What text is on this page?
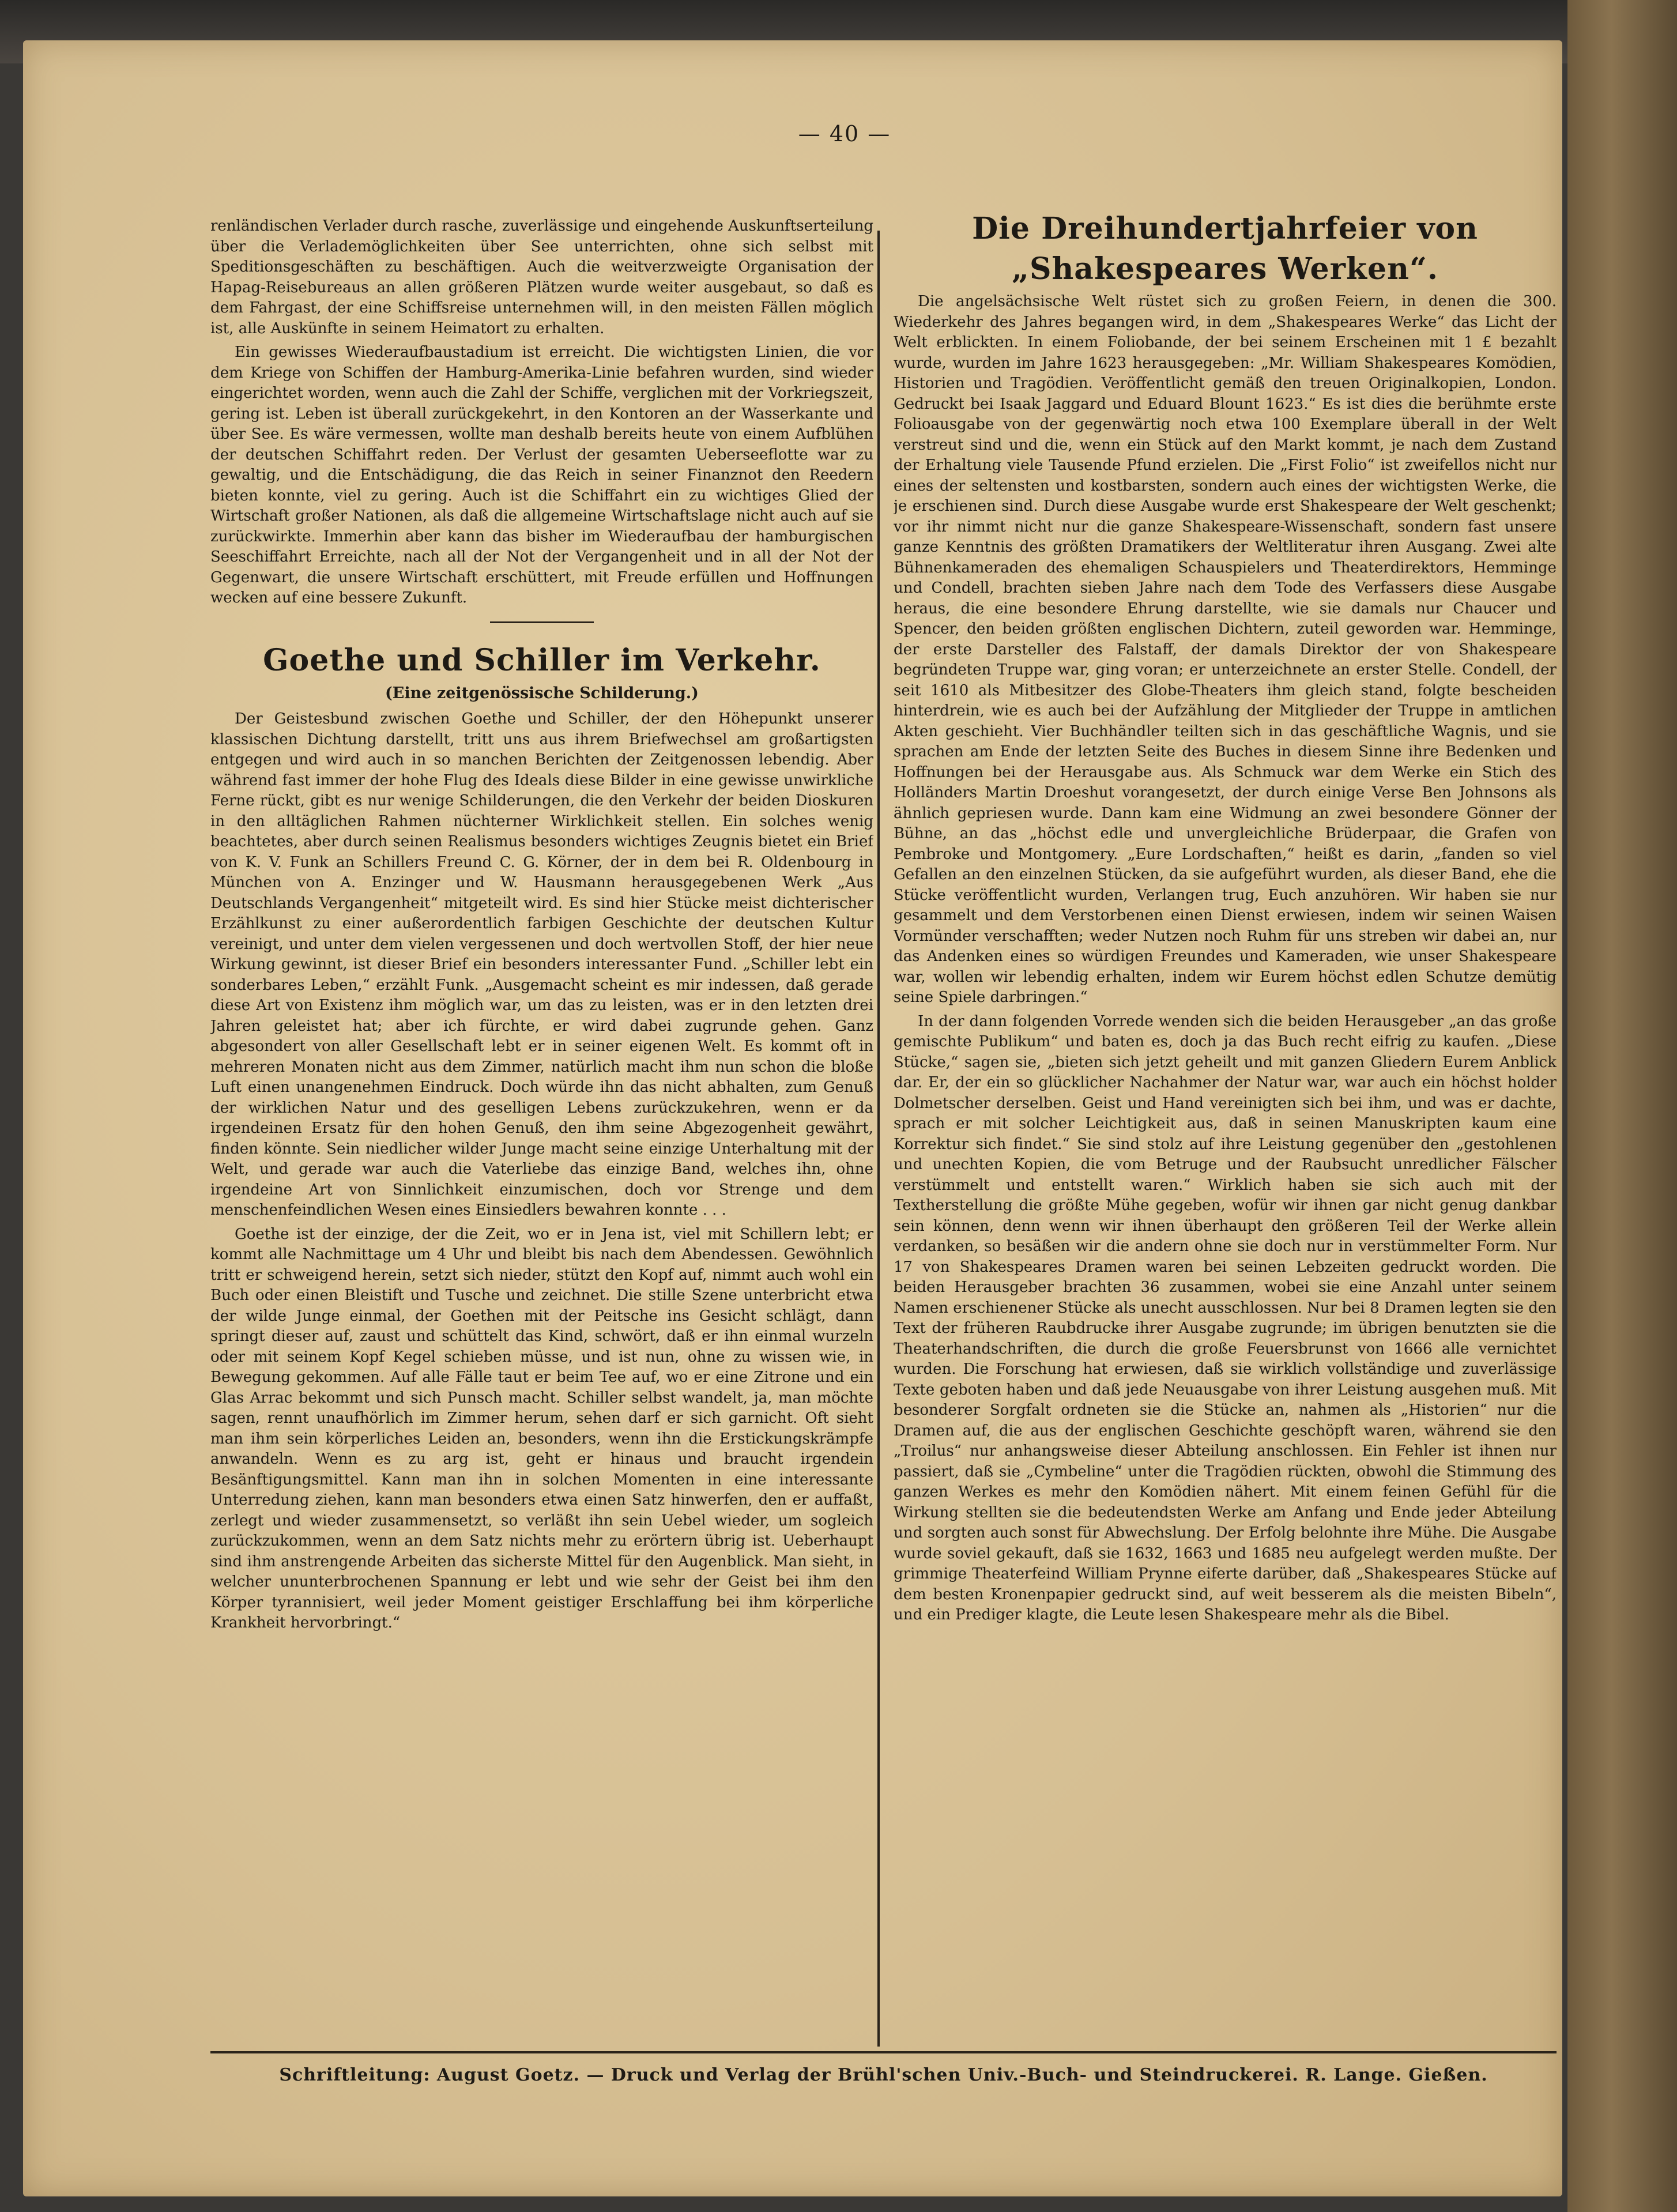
— 40 —

renländischen Verlader durch rasche, zuverlässige und eingehende Auskunftserteilung über die Verlademöglichkeiten über See unterrichten, ohne sich selbst mit Speditionsgeschäften zu beschäftigen. Auch die weitverzweigte Organisation der Hapag-Reisebureaus an allen größeren Plätzen wurde weiter ausgebaut, so daß es dem Fahrgast, der eine Schiffsreise unternehmen will, in den meisten Fällen möglich ist, alle Auskünfte in seinem Heimatort zu erhalten.

Ein gewisses Wiederaufbaustadium ist erreicht. Die wichtigsten Linien, die vor dem Kriege von Schiffen der Hamburg-Amerika-Linie befahren wurden, sind wieder eingerichtet worden, wenn auch die Zahl der Schiffe, verglichen mit der Vorkriegszeit, gering ist. Leben ist überall zurückgekehrt, in den Kontoren an der Wasserkante und über See. Es wäre vermessen, wollte man deshalb bereits heute von einem Aufblühen der deutschen Schiffahrt reden. Der Verlust der gesamten Ueberseeflotte war zu gewaltig, und die Entschädigung, die das Reich in seiner Finanznot den Reedern bieten konnte, viel zu gering. Auch ist die Schiffahrt ein zu wichtiges Glied der Wirtschaft großer Nationen, als daß die allgemeine Wirtschaftslage nicht auch auf sie zurückwirkte. Immerhin aber kann das bisher im Wiederaufbau der hamburgischen Seeschiffahrt Erreichte, nach all der Not der Vergangenheit und in all der Not der Gegenwart, die unsere Wirtschaft erschüttert, mit Freude erfüllen und Hoffnungen wecken auf eine bessere Zukunft.

Goethe und Schiller im Verkehr.
(Eine zeitgenössische Schilderung.)

Der Geistesbund zwischen Goethe und Schiller, der den Höhepunkt unserer klassischen Dichtung darstellt, tritt uns aus ihrem Briefwechsel am großartigsten entgegen und wird auch in so manchen Berichten der Zeitgenossen lebendig. Aber während fast immer der hohe Flug des Ideals diese Bilder in eine gewisse unwirkliche Ferne rückt, gibt es nur wenige Schilderungen, die den Verkehr der beiden Dioskuren in den alltäglichen Rahmen nüchterner Wirklichkeit stellen. Ein solches wenig beachtetes, aber durch seinen Realismus besonders wichtiges Zeugnis bietet ein Brief von K. V. Funk an Schillers Freund C. G. Körner, der in dem bei R. Oldenbourg in München von A. Enzinger und W. Hausmann herausgegebenen Werk „Aus Deutschlands Vergangenheit“ mitgeteilt wird. Es sind hier Stücke meist dichterischer Erzählkunst zu einer außerordentlich farbigen Geschichte der deutschen Kultur vereinigt, und unter dem vielen vergessenen und doch wertvollen Stoff, der hier neue Wirkung gewinnt, ist dieser Brief ein besonders interessanter Fund. „Schiller lebt ein sonderbares Leben,“ erzählt Funk. „Ausgemacht scheint es mir indessen, daß gerade diese Art von Existenz ihm möglich war, um das zu leisten, was er in den letzten drei Jahren geleistet hat; aber ich fürchte, er wird dabei zugrunde gehen. Ganz abgesondert von aller Gesellschaft lebt er in seiner eigenen Welt. Es kommt oft in mehreren Monaten nicht aus dem Zimmer, natürlich macht ihm nun schon die bloße Luft einen unangenehmen Eindruck. Doch würde ihn das nicht abhalten, zum Genuß der wirklichen Natur und des geselligen Lebens zurückzukehren, wenn er da irgendeinen Ersatz für den hohen Genuß, den ihm seine Abgezogenheit gewährt, finden könnte. Sein niedlicher wilder Junge macht seine einzige Unterhaltung mit der Welt, und gerade war auch die Vaterliebe das einzige Band, welches ihn, ohne irgendeine Art von Sinnlichkeit einzumischen, doch vor Strenge und dem menschenfeindlichen Wesen eines Einsiedlers bewahren konnte . . .

Goethe ist der einzige, der die Zeit, wo er in Jena ist, viel mit Schillern lebt; er kommt alle Nachmittage um 4 Uhr und bleibt bis nach dem Abendessen. Gewöhnlich tritt er schweigend herein, setzt sich nieder, stützt den Kopf auf, nimmt auch wohl ein Buch oder einen Bleistift und Tusche und zeichnet. Die stille Szene unterbricht etwa der wilde Junge einmal, der Goethen mit der Peitsche ins Gesicht schlägt, dann springt dieser auf, zaust und schüttelt das Kind, schwört, daß er ihn einmal wurzeln oder mit seinem Kopf Kegel schieben müsse, und ist nun, ohne zu wissen wie, in Bewegung gekommen. Auf alle Fälle taut er beim Tee auf, wo er eine Zitrone und ein Glas Arrac bekommt und sich Punsch macht. Schiller selbst wandelt, ja, man möchte sagen, rennt unaufhörlich im Zimmer herum, sehen darf er sich garnicht. Oft sieht man ihm sein körperliches Leiden an, besonders, wenn ihn die Erstickungskrämpfe anwandeln. Wenn es zu arg ist, geht er hinaus und braucht irgendein Besänftigungsmittel. Kann man ihn in solchen Momenten in eine interessante Unterredung ziehen, kann man besonders etwa einen Satz hinwerfen, den er auffaßt, zerlegt und wieder zusammensetzt, so verläßt ihn sein Uebel wieder, um sogleich zurückzukommen, wenn an dem Satz nichts mehr zu erörtern übrig ist. Ueberhaupt sind ihm anstrengende Arbeiten das sicherste Mittel für den Augenblick. Man sieht, in welcher ununterbrochenen Spannung er lebt und wie sehr der Geist bei ihm den Körper tyrannisiert, weil jeder Moment geistiger Erschlaffung bei ihm körperliche Krankheit hervorbringt.“

Die Dreihundertjahrfeier von
„Shakespeares Werken“.

Die angelsächsische Welt rüstet sich zu großen Feiern, in denen die 300. Wiederkehr des Jahres begangen wird, in dem „Shakespeares Werke“ das Licht der Welt erblickten. In einem Foliobande, der bei seinem Erscheinen mit 1 £ bezahlt wurde, wurden im Jahre 1623 herausgegeben: „Mr. William Shakespeares Komödien, Historien und Tragödien. Veröffentlicht gemäß den treuen Originalkopien, London. Gedruckt bei Isaak Jaggard und Eduard Blount 1623.“ Es ist dies die berühmte erste Folioausgabe von der gegenwärtig noch etwa 100 Exemplare überall in der Welt verstreut sind und die, wenn ein Stück auf den Markt kommt, je nach dem Zustand der Erhaltung viele Tausende Pfund erzielen. Die „First Folio“ ist zweifellos nicht nur eines der seltensten und kostbarsten, sondern auch eines der wichtigsten Werke, die je erschienen sind. Durch diese Ausgabe wurde erst Shakespeare der Welt geschenkt; vor ihr nimmt nicht nur die ganze Shakespeare-Wissenschaft, sondern fast unsere ganze Kenntnis des größten Dramatikers der Weltliteratur ihren Ausgang. Zwei alte Bühnenkameraden des ehemaligen Schauspielers und Theaterdirektors, Hemminge und Condell, brachten sieben Jahre nach dem Tode des Verfassers diese Ausgabe heraus, die eine besondere Ehrung darstellte, wie sie damals nur Chaucer und Spencer, den beiden größten englischen Dichtern, zuteil geworden war. Hemminge, der erste Darsteller des Falstaff, der damals Direktor der von Shakespeare begründeten Truppe war, ging voran; er unterzeichnete an erster Stelle. Condell, der seit 1610 als Mitbesitzer des Globe-Theaters ihm gleich stand, folgte bescheiden hinterdrein, wie es auch bei der Aufzählung der Mitglieder der Truppe in amtlichen Akten geschieht. Vier Buchhändler teilten sich in das geschäftliche Wagnis, und sie sprachen am Ende der letzten Seite des Buches in diesem Sinne ihre Bedenken und Hoffnungen bei der Herausgabe aus. Als Schmuck war dem Werke ein Stich des Holländers Martin Droeshut vorangesetzt, der durch einige Verse Ben Johnsons als ähnlich gepriesen wurde. Dann kam eine Widmung an zwei besondere Gönner der Bühne, an das „höchst edle und unvergleichliche Brüderpaar, die Grafen von Pembroke und Montgomery. „Eure Lordschaften,“ heißt es darin, „fanden so viel Gefallen an den einzelnen Stücken, da sie aufgeführt wurden, als dieser Band, ehe die Stücke veröffentlicht wurden, Verlangen trug, Euch anzuhören. Wir haben sie nur gesammelt und dem Verstorbenen einen Dienst erwiesen, indem wir seinen Waisen Vormünder verschafften; weder Nutzen noch Ruhm für uns streben wir dabei an, nur das Andenken eines so würdigen Freundes und Kameraden, wie unser Shakespeare war, wollen wir lebendig erhalten, indem wir Eurem höchst edlen Schutze demütig seine Spiele darbringen.“

In der dann folgenden Vorrede wenden sich die beiden Herausgeber „an das große gemischte Publikum“ und baten es, doch ja das Buch recht eifrig zu kaufen. „Diese Stücke,“ sagen sie, „bieten sich jetzt geheilt und mit ganzen Gliedern Eurem Anblick dar. Er, der ein so glücklicher Nachahmer der Natur war, war auch ein höchst holder Dolmetscher derselben. Geist und Hand vereinigten sich bei ihm, und was er dachte, sprach er mit solcher Leichtigkeit aus, daß in seinen Manuskripten kaum eine Korrektur sich findet.“ Sie sind stolz auf ihre Leistung gegenüber den „gestohlenen und unechten Kopien, die vom Betruge und der Raubsucht unredlicher Fälscher verstümmelt und entstellt waren.“ Wirklich haben sie sich auch mit der Textherstellung die größte Mühe gegeben, wofür wir ihnen gar nicht genug dankbar sein können, denn wenn wir ihnen überhaupt den größeren Teil der Werke allein verdanken, so besäßen wir die andern ohne sie doch nur in verstümmelter Form. Nur 17 von Shakespeares Dramen waren bei seinen Lebzeiten gedruckt worden. Die beiden Herausgeber brachten 36 zusammen, wobei sie eine Anzahl unter seinem Namen erschienener Stücke als unecht ausschlossen. Nur bei 8 Dramen legten sie den Text der früheren Raubdrucke ihrer Ausgabe zugrunde; im übrigen benutzten sie die Theaterhandschriften, die durch die große Feuersbrunst von 1666 alle vernichtet wurden. Die Forschung hat erwiesen, daß sie wirklich vollständige und zuverlässige Texte geboten haben und daß jede Neuausgabe von ihrer Leistung ausgehen muß. Mit besonderer Sorgfalt ordneten sie die Stücke an, nahmen als „Historien“ nur die Dramen auf, die aus der englischen Geschichte geschöpft waren, während sie den „Troilus“ nur anhangsweise dieser Abteilung anschlossen. Ein Fehler ist ihnen nur passiert, daß sie „Cymbeline“ unter die Tragödien rückten, obwohl die Stimmung des ganzen Werkes es mehr den Komödien nähert. Mit einem feinen Gefühl für die Wirkung stellten sie die bedeutendsten Werke am Anfang und Ende jeder Abteilung und sorgten auch sonst für Abwechslung. Der Erfolg belohnte ihre Mühe. Die Ausgabe wurde soviel gekauft, daß sie 1632, 1663 und 1685 neu aufgelegt werden mußte. Der grimmige Theaterfeind William Prynne eiferte darüber, daß „Shakespeares Stücke auf dem besten Kronenpapier gedruckt sind, auf weit besserem als die meisten Bibeln“, und ein Prediger klagte, die Leute lesen Shakespeare mehr als die Bibel.

Schriftleitung: August Goetz. — Druck und Verlag der Brühl'schen Univ.-Buch- und Steindruckerei. R. Lange. Gießen.
